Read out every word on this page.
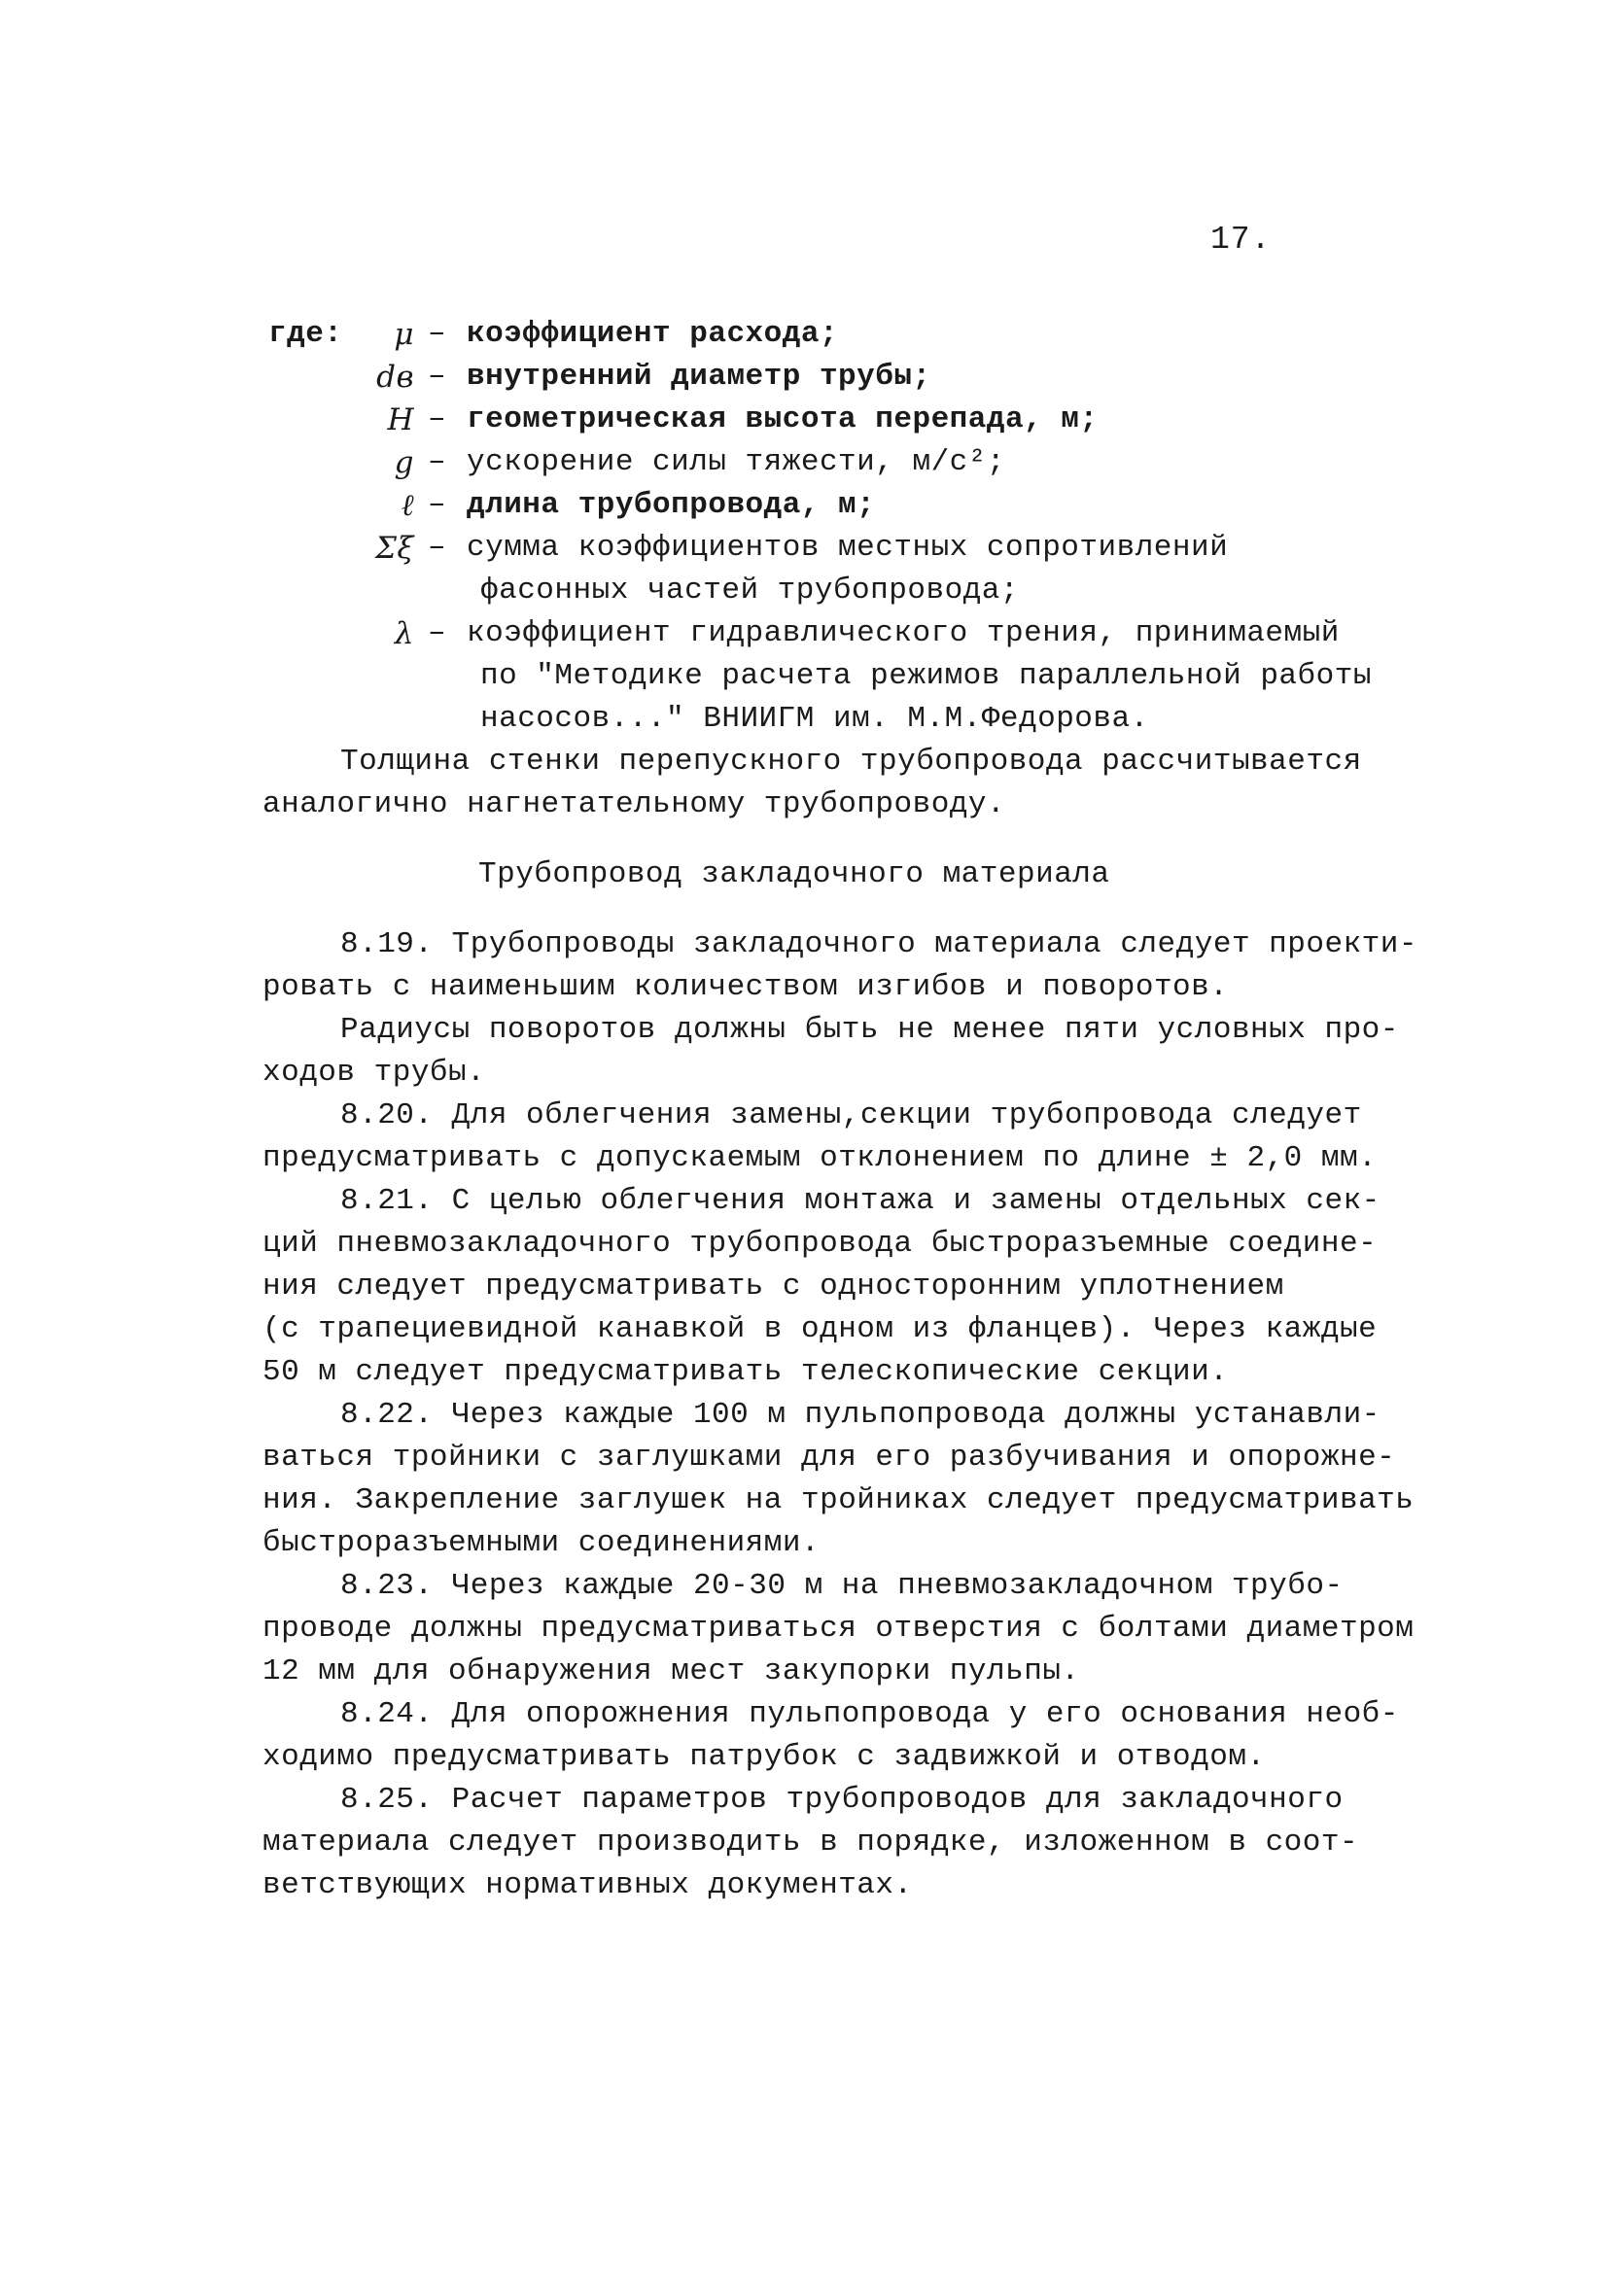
17.
где:	μ – коэффициент расхода;
dв – внутренний диаметр трубы;
H – геометрическая высота перепада, м;
g – ускорение силы тяжести, м/с²;
ℓ – длина трубопровода, м;
Σξ – сумма коэффициентов местных сопротивлений
фасонных частей трубопровода;
λ – коэффициент гидравлического трения, принимаемый
по "Методике расчета режимов параллельной работы
насосов..." ВНИИГМ им. М.М.Федорова.
Толщина стенки перепускного трубопровода рассчитывается
аналогично нагнетательному трубопроводу.
Трубопровод закладочного материала
8.19. Трубопроводы закладочного материала следует проекти-
ровать с наименьшим количеством изгибов и поворотов.
Радиусы поворотов должны быть не менее пяти условных про-
ходов трубы.
8.20. Для облегчения замены,секции трубопровода следует
предусматривать с допускаемым отклонением по длине ± 2,0 мм.
8.21. С целью облегчения монтажа и замены отдельных сек-
ций пневмозакладочного трубопровода быстроразъемные соедине-
ния следует предусматривать с односторонним уплотнением
(с трапециевидной канавкой в одном из фланцев). Через каждые
50 м следует предусматривать телескопические секции.
8.22. Через каждые 100 м пульпопровода должны устанавли-
ваться тройники с заглушками для его разбучивания и опорожне-
ния. Закрепление заглушек на тройниках следует предусматривать
быстроразъемными соединениями.
8.23. Через каждые 20-30 м на пневмозакладочном трубо-
проводе должны предусматриваться отверстия с болтами диаметром
12 мм для обнаружения мест закупорки пульпы.
8.24. Для опорожнения пульпопровода у его основания необ-
ходимо предусматривать патрубок с задвижкой и отводом.
8.25. Расчет параметров трубопроводов для закладочного
материала следует производить в порядке, изложенном в соот-
ветствующих нормативных документах.
